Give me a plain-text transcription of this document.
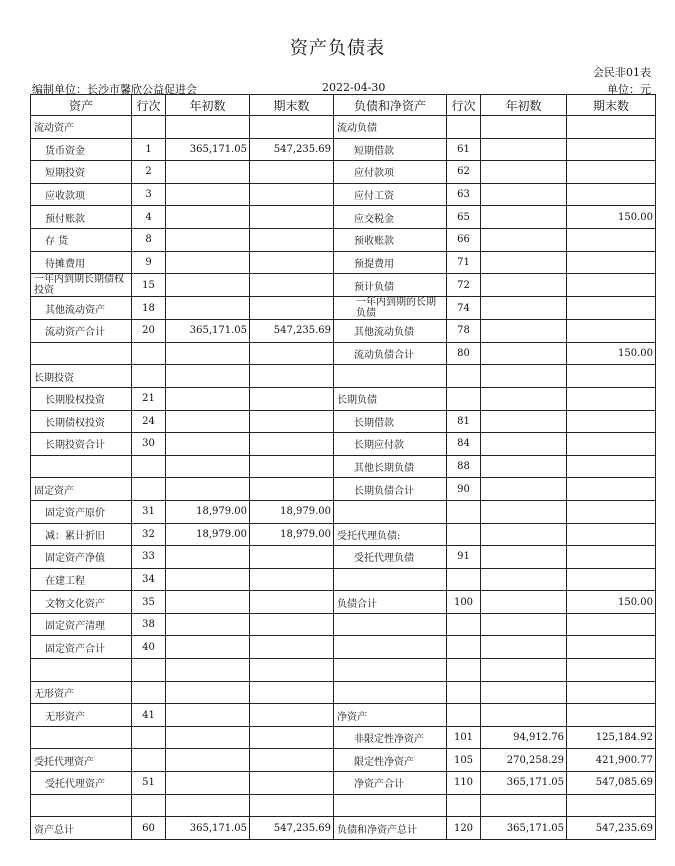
资产负债表
会民非01表
编制单位：长沙市馨欣公益促进会	2022-04-30	单位：元
资产	行次	年初数	期末数	负债和净资产	行次	年初数	期末数
流动资产				流动负债			
货币资金	1	365,171.05	547,235.69	短期借款	61		
短期投资	2			应付款项	62		
应收款项	3			应付工资	63		
预付账款	4			应交税金	65		150.00
存 货	8			预收账款	66		
待摊费用	9			预提费用	71		
一年内到期长期债权投资	15			预计负债	72		
其他流动资产	18			一年内到期的长期负债	74		
流动资产合计	20	365,171.05	547,235.69	其他流动负债	78		
				流动负债合计	80		150.00
长期投资							
长期股权投资	21			长期负债			
长期债权投资	24			长期借款	81		
长期投资合计	30			长期应付款	84		
				其他长期负债	88		
固定资产				长期负债合计	90		
固定资产原价	31	18,979.00	18,979.00				
减：累计折旧	32	18,979.00	18,979.00	受托代理负债:			
固定资产净值	33			受托代理负债	91		
在建工程	34						
文物文化资产	35			负债合计	100		150.00
固定资产清理	38						
固定资产合计	40						

无形资产							
无形资产	41			净资产			
				非限定性净资产	101	94,912.76	125,184.92
受托代理资产				限定性净资产	105	270,258.29	421,900.77
受托代理资产	51			净资产合计	110	365,171.05	547,085.69

资产总计	60	365,171.05	547,235.69	负债和净资产总计	120	365,171.05	547,235.69
